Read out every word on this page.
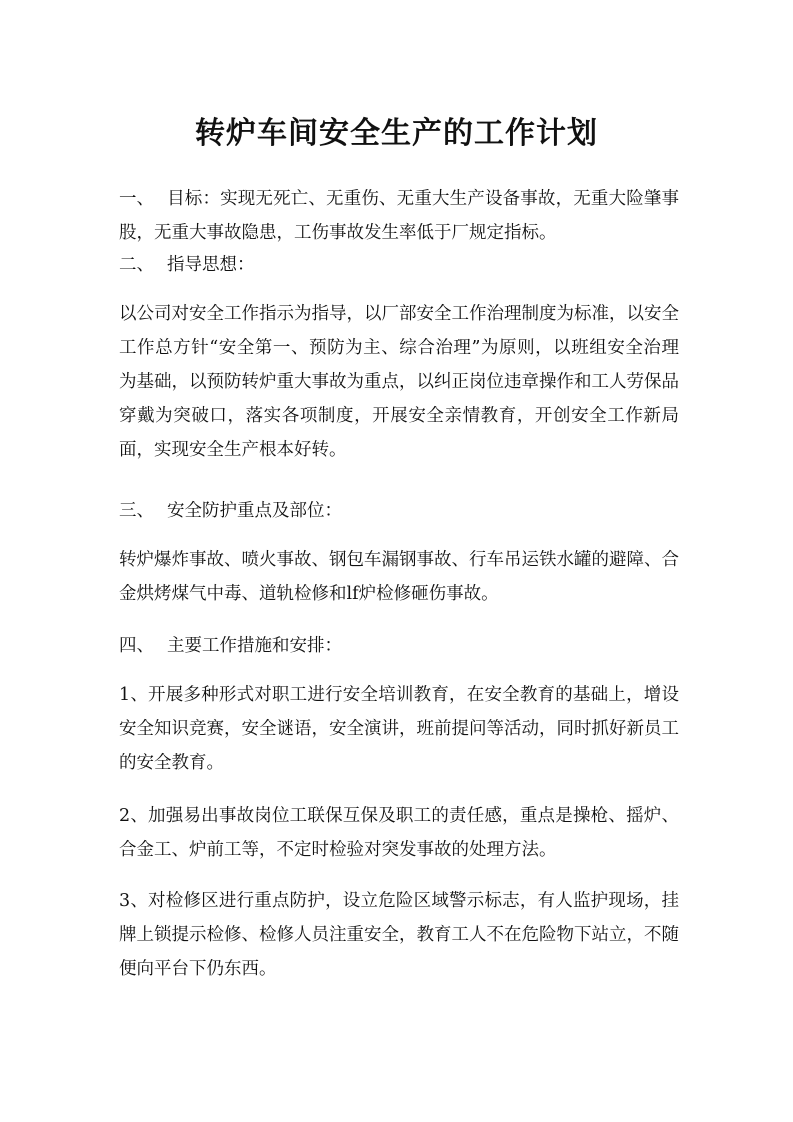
转炉车间安全生产的工作计划

一、 目标：实现无死亡、无重伤、无重大生产设备事故，无重大险肇事股，无重大事故隐患，工伤事故发生率低于厂规定指标。

二、 指导思想：

以公司对安全工作指示为指导，以厂部安全工作治理制度为标准，以安全工作总方针“安全第一、预防为主、综合治理”为原则，以班组安全治理为基础，以预防转炉重大事故为重点，以纠正岗位违章操作和工人劳保品穿戴为突破口，落实各项制度，开展安全亲情教育，开创安全工作新局面，实现安全生产根本好转。

三、 安全防护重点及部位：

转炉爆炸事故、喷火事故、钢包车漏钢事故、行车吊运铁水罐的避障、合金烘烤煤气中毒、道轨检修和lf炉检修砸伤事故。

四、 主要工作措施和安排：

1、开展多种形式对职工进行安全培训教育，在安全教育的基础上，增设安全知识竞赛，安全谜语，安全演讲，班前提问等活动，同时抓好新员工的安全教育。

2、加强易出事故岗位工联保互保及职工的责任感，重点是操枪、摇炉、合金工、炉前工等，不定时检验对突发事故的处理方法。

3、对检修区进行重点防护，设立危险区域警示标志，有人监护现场，挂牌上锁提示检修、检修人员注重安全，教育工人不在危险物下站立，不随便向平台下仍东西。
